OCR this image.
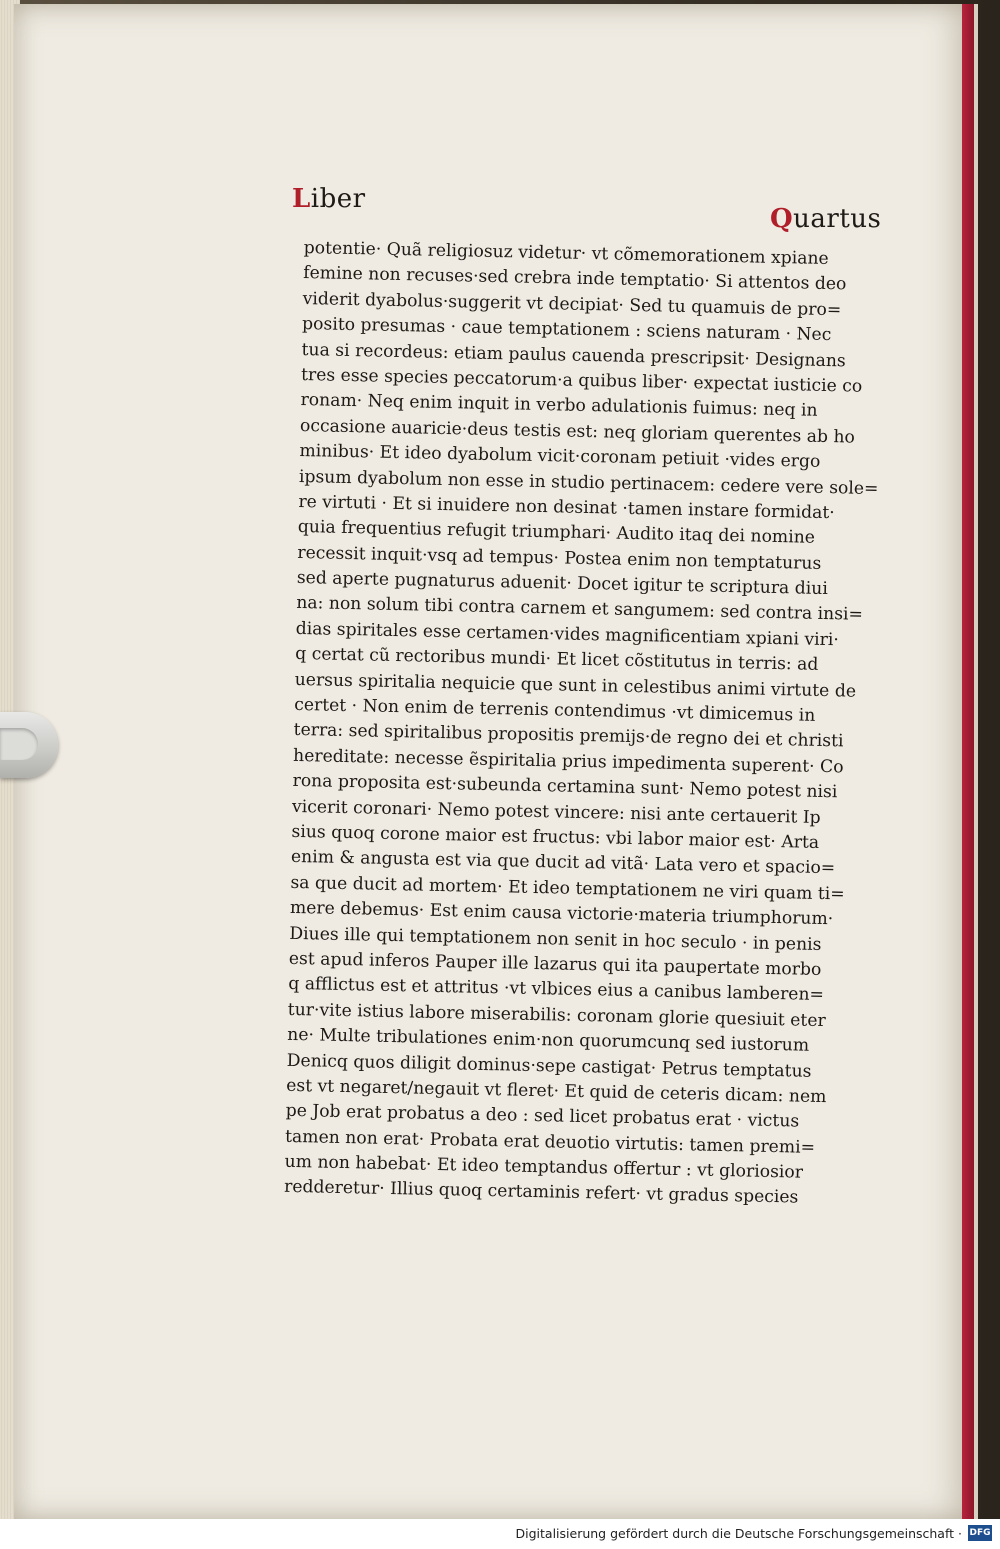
Liber
Quartus
potentie· Quã religiosuz videtur· vt cõmemorationem xpiane
femine non recuses·sed crebra inde temptatio· Si attentos deo
viderit dyabolus·suggerit vt decipiat· Sed tu quamuis de pro=
posito presumas · caue temptationem : sciens naturam · Nec
tua si recordeus: etiam paulus cauenda prescripsit· Designans
tres esse species peccatorum·a quibus liber· expectat iusticie co
ronam· Neq enim inquit in verbo adulationis fuimus: neq in
occasione auaricie·deus testis est: neq gloriam querentes ab ho
minibus· Et ideo dyabolum vicit·coronam petiuit ·vides ergo
ipsum dyabolum non esse in studio pertinacem: cedere vere sole=
re virtuti · Et si inuidere non desinat ·tamen instare formidat·
quia frequentius refugit triumphari· Audito itaq dei nomine
recessit inquit·vsq ad tempus· Postea enim non temptaturus
sed aperte pugnaturus aduenit· Docet igitur te scriptura diui
na: non solum tibi contra carnem et sangumem: sed contra insi=
dias spiritales esse certamen·vides magnificentiam xpiani viri·
q certat cũ rectoribus mundi· Et licet cõstitutus in terris: ad
uersus spiritalia nequicie que sunt in celestibus animi virtute de
certet · Non enim de terrenis contendimus ·vt dimicemus in
terra: sed spiritalibus propositis premijs·de regno dei et christi
hereditate: necesse ẽspiritalia prius impedimenta superent· Co
rona proposita est·subeunda certamina sunt· Nemo potest nisi
vicerit coronari· Nemo potest vincere: nisi ante certauerit Ip
sius quoq corone maior est fructus: vbi labor maior est· Arta
enim & angusta est via que ducit ad vitã· Lata vero et spacio=
sa que ducit ad mortem· Et ideo temptationem ne viri quam ti=
mere debemus· Est enim causa victorie·materia triumphorum·
Diues ille qui temptationem non senit in hoc seculo · in penis
est apud inferos Pauper ille lazarus qui ita paupertate morbo
q afflictus est et attritus ·vt vlbices eius a canibus lamberen=
tur·vite istius labore miserabilis: coronam glorie quesiuit eter
ne· Multe tribulationes enim·non quorumcunq sed iustorum
Denicq quos diligit dominus·sepe castigat· Petrus temptatus
est vt negaret/negauit vt fleret· Et quid de ceteris dicam: nem
pe Job erat probatus a deo : sed licet probatus erat · victus
tamen non erat· Probata erat deuotio virtutis: tamen premi=
um non habebat· Et ideo temptandus offertur : vt gloriosior
redderetur· Illius quoq certaminis refert· vt gradus species
Digitalisierung gefördert durch die Deutsche Forschungsgemeinschaft · DFG
